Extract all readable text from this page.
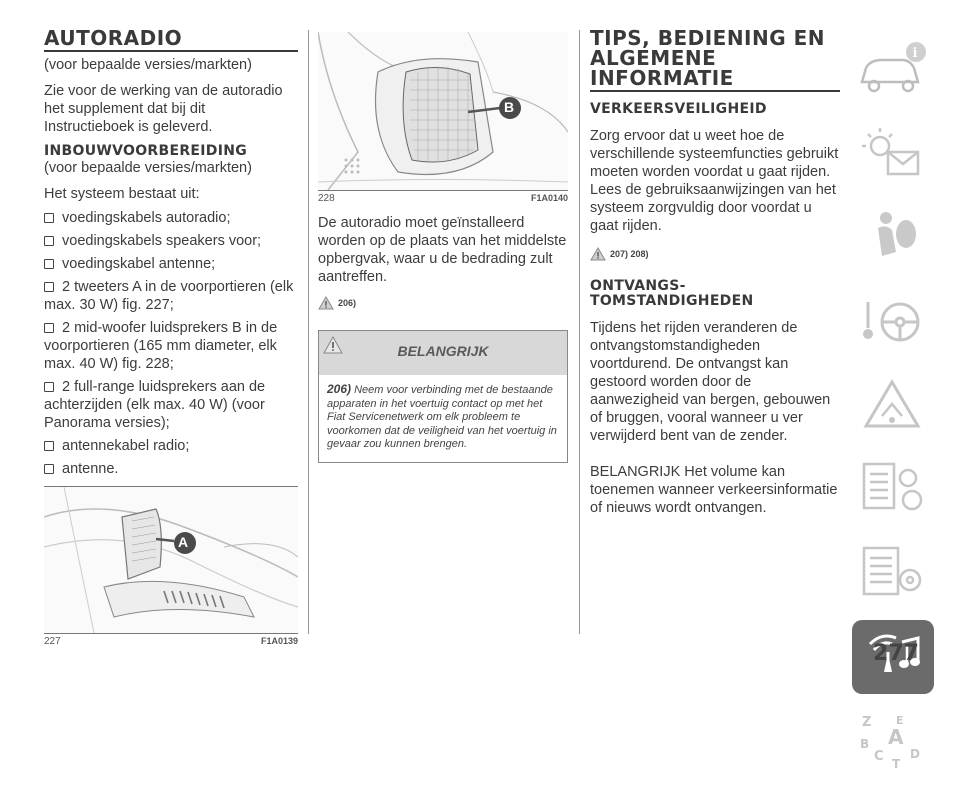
AUTORADIO

(voor bepaalde versies/markten)

Zie voor de werking van de autoradio het supplement dat bij dit Instructieboek is geleverd.

INBOUWVOORBEREIDING

(voor bepaalde versies/markten)

Het systeem bestaat uit:

voedingskabels autoradio;
voedingskabels speakers voor;
voedingskabel antenne;
2 tweeters A in de voorportieren (elk max. 30 W) fig. 227;
2 mid-woofer luidsprekers B in de voorportieren (165 mm diameter, elk max. 40 W) fig. 228;
2 full-range luidsprekers aan de achterzijden (elk max. 40 W) (voor Panorama versies);
antennekabel radio;
antenne.
A
227	F1A0139
B
228	F1A0140

De autoradio moet geïnstalleerd worden op de plaats van het middelste opbergvak, waar u de bedrading zult aantreffen.

206)
BELANGRIJK
206) Neem voor verbinding met de bestaande apparaten in het voertuig contact op met het Fiat Servicenetwerk om elk probleem te voorkomen dat de veiligheid van het voertuig in gevaar zou kunnen brengen.
TIPS, BEDIENING EN ALGEMENE INFORMATIE
VERKEERSVEILIGHEID

Zorg ervoor dat u weet hoe de verschillende systeemfuncties gebruikt moeten worden voordat u gaat rijden. Lees de gebruiksaanwijzingen van het systeem zorgvuldig door voordat u gaat rijden.

207) 208)
ONTVANGS-TOMSTANDIGHEDEN

Tijdens het rijden veranderen de ontvangstomstandigheden voortdurend. De ontvangst kan gestoord worden door de aanwezigheid van bergen, gebouwen of bruggen, vooral wanneer u ver verwijderd bent van de zender.

BELANGRIJK Het volume kan toenemen wanneer verkeersinformatie of nieuws wordt ontvangen.

i
Z E
A
B
C T
D
277
